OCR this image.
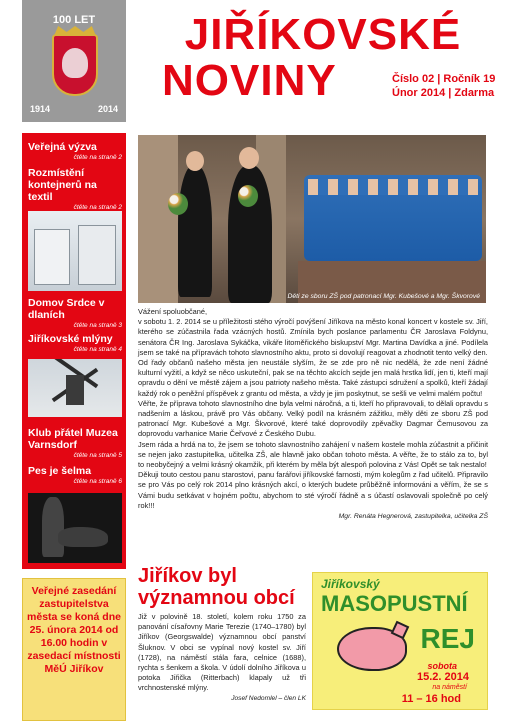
100 LET
1914	2014
JIŘÍKOVSKÉ
NOVINY	Číslo 02 | Ročník 19
Únor 2014 | Zdarma
Veřejná výzva
čtěte na straně 2
Rozmístění kontejnerů na textil
čtěte na straně 2
Domov Srdce v dlaních
čtěte na straně 3
Jiříkovské mlýny
čtěte na straně 4
Klub přátel Muzea Varnsdorf
čtěte na straně 5
Pes je šelma
čtěte na straně 6
Veřejné zasedání zastupitelstva města se koná dne 25. února 2014 od 16.00 hodin v zasedací místnosti MěÚ Jiříkov
Děti ze sboru ZŠ pod patronací Mgr. Kubešové a Mgr. Škvorové

Vážení spoluobčané,

v sobotu 1. 2. 2014 se u příležitosti stého výročí povýšení Jiříkova na město konal koncert v kostele sv. Jiří, kterého se zúčastnila řada vzácných hostů. Zmínila bych poslance parlamentu ČR Jaroslava Foldynu, senátora ČR Ing. Jaroslava Sykáčka, vikáře litoměřického biskupství Mgr. Martina Davídka a jiné. Podílela jsem se také na přípravách tohoto slavnostního aktu, proto si dovolují reagovat a zhodnotit tento velký den.

Od řady občanů našeho města jen neustále slyším, že se zde pro ně nic nedělá, že zde není žádné kulturní vyžití, a když se něco uskuteční, pak se na těchto akcích sejde jen malá hrstka lidí, jen ti, kteří mají opravdu o dění ve městě zájem a jsou patrioty našeho města. Také zástupci sdružení a spolků, kteří žádají každý rok o peněžní příspěvek z grantu od města, a vždy je jim poskytnut, se sešli ve velmi malém počtu!

Věřte, že příprava tohoto slavnostního dne byla velmi náročná, a ti, kteří ho připravovali, to dělali opravdu s nadšením a láskou, právě pro Vás občany. Velký podíl na krásném zážitku, měly děti ze sboru ZŠ pod patronací Mgr. Kubešové a Mgr. Škvorové, které také doprovodily zpěvačky Dagmar Čemusovou za doprovodu varhanice Marie Čeřvové z Českého Dubu.

Jsem ráda a hrdá na to, že jsem se tohoto slavnostního zahájení v našem kostele mohla zúčastnit a přičinit se nejen jako zastupitelka, učitelka ZŠ, ale hlavně jako občan tohoto města. A věřte, že to stálo za to, byl to neobyčejný a velmi krásný okamžik, při kterém by měla být alespoň polovina z Vás! Opět se tak nestalo!

Děkuji touto cestou panu starostovi, panu farářovi jiříkovské farnosti, mým kolegům z řad učitelů. Připravilo se pro Vás po celý rok 2014 plno krásných akcí, o kterých budete průběžně informováni a věřím, že se s Vámi budu setkávat v hojném počtu, abychom to sté výročí řádně a s účastí oslavovali společně po celý rok!!!

Mgr. Renáta Hegnerová, zastupitelka, učitelka ZŠ

Jiříkov byl významnou obcí

Již v polovině 18. století, kolem roku 1750 za panování císařovny Marie Terezie (1740–1780) byl Jiříkov (Georgswalde) významnou obcí panství Šluknov. V obci se vypínal nový kostel sv. Jiří (1728), na náměstí stála fara, celnice (1688), rychta s šenkem a škola. V údolí dolního Jiříkova u potoka Jiřička (Ritterbach) klapaly už tři vrchnostenské mlýny.

Josef Nedomlel – člen LK

Jiříkovský
MASOPUSTNÍ
REJ
sobota
15.2. 2014
na náměstí
11 – 16 hod
